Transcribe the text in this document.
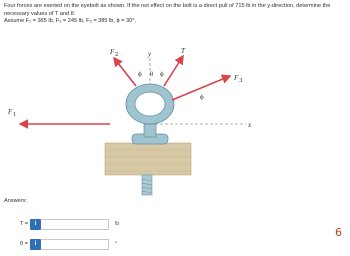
Four forces are exerted on the eyebolt as shown. If the net effect on the bolt is a direct pull of 715 lb in the y-direction, determine the

necessary values of T and θ.

Assume F₁ = 365 lb, F₂ = 245 lb, F₃ = 385 lb, ϕ = 30°.

x
y
F 1
F 2	T
F 3
ϕ	ϕ
θ
ϕ
Answers:
T =	i	lb
θ =	i	°
6
